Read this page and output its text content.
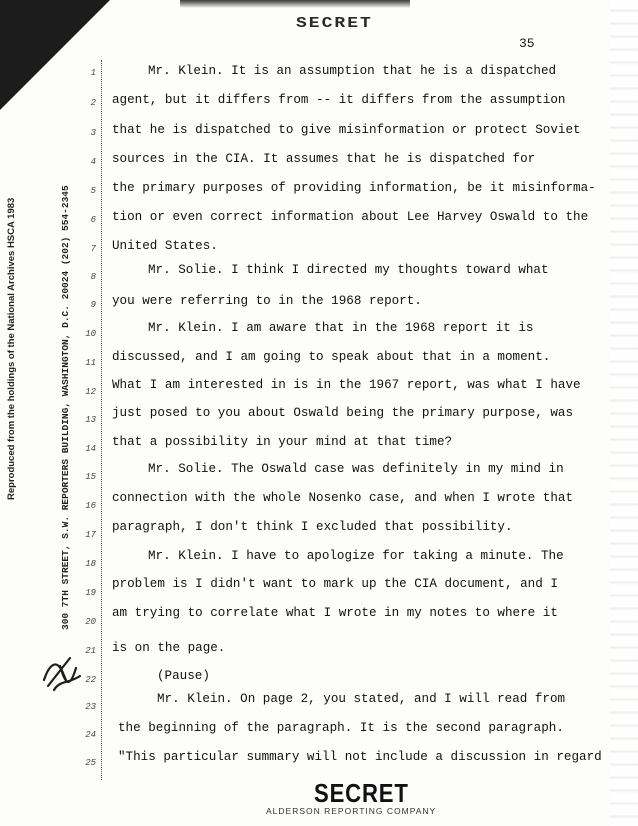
SECRET
35
Reproduced from the holdings of the National Archives HSCA 1983	300 7TH STREET, S.W. REPORTERS BUILDING, WASHINGTON, D.C. 20024 (202) 554-2345
1
2
3
4
5
6
7
8
9
10
11
12
13
14
15
16
17
18
19
20
21
22
23
24
25
Mr. Klein. It is an assumption that he is a dispatched
agent, but it differs from -- it differs from the assumption
that he is dispatched to give misinformation or protect Soviet
sources in the CIA. It assumes that he is dispatched for
the primary purposes of providing information, be it misinforma-
tion or even correct information about Lee Harvey Oswald to the
United States.
Mr. Solie. I think I directed my thoughts toward what
you were referring to in the 1968 report.
Mr. Klein. I am aware that in the 1968 report it is
discussed, and I am going to speak about that in a moment.
What I am interested in is in the 1967 report, was what I have
just posed to you about Oswald being the primary purpose, was
that a possibility in your mind at that time?
Mr. Solie. The Oswald case was definitely in my mind in
connection with the whole Nosenko case, and when I wrote that
paragraph, I don't think I excluded that possibility.
Mr. Klein. I have to apologize for taking a minute. The
problem is I didn't want to mark up the CIA document, and I
am trying to correlate what I wrote in my notes to where it
is on the page.
(Pause)
Mr. Klein. On page 2, you stated, and I will read from
the beginning of the paragraph. It is the second paragraph.
"This particular summary will not include a discussion in regard
SECRET
ALDERSON REPORTING COMPANY
